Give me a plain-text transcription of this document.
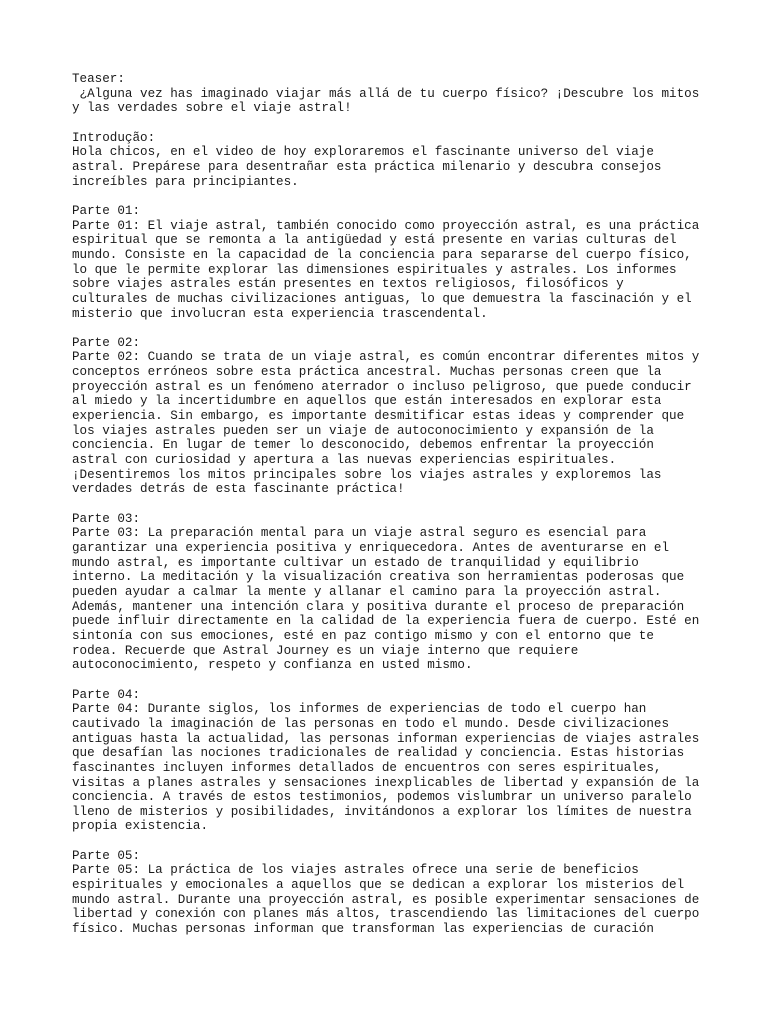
Teaser:
¿Alguna vez has imaginado viajar más allá de tu cuerpo físico? ¡Descubre los mitos
y las verdades sobre el viaje astral!
Introdução:
Hola chicos, en el video de hoy exploraremos el fascinante universo del viaje
astral. Prepárese para desentrañar esta práctica milenario y descubra consejos
increíbles para principiantes.
Parte 01:
Parte 01: El viaje astral, también conocido como proyección astral, es una práctica
espiritual que se remonta a la antigüedad y está presente en varias culturas del
mundo. Consiste en la capacidad de la conciencia para separarse del cuerpo físico,
lo que le permite explorar las dimensiones espirituales y astrales. Los informes
sobre viajes astrales están presentes en textos religiosos, filosóficos y
culturales de muchas civilizaciones antiguas, lo que demuestra la fascinación y el
misterio que involucran esta experiencia trascendental.
Parte 02:
Parte 02: Cuando se trata de un viaje astral, es común encontrar diferentes mitos y
conceptos erróneos sobre esta práctica ancestral. Muchas personas creen que la
proyección astral es un fenómeno aterrador o incluso peligroso, que puede conducir
al miedo y la incertidumbre en aquellos que están interesados en explorar esta
experiencia. Sin embargo, es importante desmitificar estas ideas y comprender que
los viajes astrales pueden ser un viaje de autoconocimiento y expansión de la
conciencia. En lugar de temer lo desconocido, debemos enfrentar la proyección
astral con curiosidad y apertura a las nuevas experiencias espirituales.
¡Desentiremos los mitos principales sobre los viajes astrales y exploremos las
verdades detrás de esta fascinante práctica!
Parte 03:
Parte 03: La preparación mental para un viaje astral seguro es esencial para
garantizar una experiencia positiva y enriquecedora. Antes de aventurarse en el
mundo astral, es importante cultivar un estado de tranquilidad y equilibrio
interno. La meditación y la visualización creativa son herramientas poderosas que
pueden ayudar a calmar la mente y allanar el camino para la proyección astral.
Además, mantener una intención clara y positiva durante el proceso de preparación
puede influir directamente en la calidad de la experiencia fuera de cuerpo. Esté en
sintonía con sus emociones, esté en paz contigo mismo y con el entorno que te
rodea. Recuerde que Astral Journey es un viaje interno que requiere
autoconocimiento, respeto y confianza en usted mismo.
Parte 04:
Parte 04: Durante siglos, los informes de experiencias de todo el cuerpo han
cautivado la imaginación de las personas en todo el mundo. Desde civilizaciones
antiguas hasta la actualidad, las personas informan experiencias de viajes astrales
que desafían las nociones tradicionales de realidad y conciencia. Estas historias
fascinantes incluyen informes detallados de encuentros con seres espirituales,
visitas a planes astrales y sensaciones inexplicables de libertad y expansión de la
conciencia. A través de estos testimonios, podemos vislumbrar un universo paralelo
lleno de misterios y posibilidades, invitándonos a explorar los límites de nuestra
propia existencia.
Parte 05:
Parte 05: La práctica de los viajes astrales ofrece una serie de beneficios
espirituales y emocionales a aquellos que se dedican a explorar los misterios del
mundo astral. Durante una proyección astral, es posible experimentar sensaciones de
libertad y conexión con planes más altos, trascendiendo las limitaciones del cuerpo
físico. Muchas personas informan que transforman las experiencias de curación
